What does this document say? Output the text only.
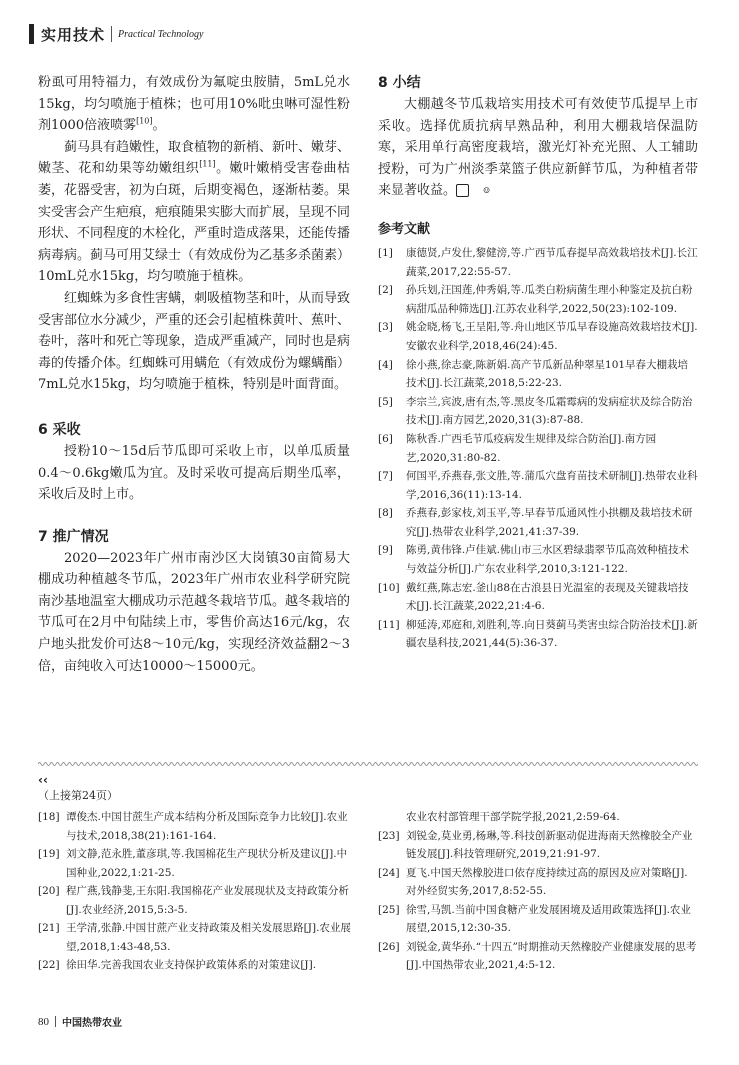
实用技术 Practical Technology

粉虱可用特福力，有效成份为氟啶虫胺腈，5mL兑水15kg，均匀喷施于植株；也可用10%吡虫啉可湿性粉剂1000倍液喷雾[10]。

蓟马具有趋嫩性，取食植物的新梢、新叶、嫩芽、嫩茎、花和幼果等幼嫩组织[11]。嫩叶嫩梢受害卷曲枯萎，花器受害，初为白斑，后期变褐色，逐渐枯萎。果实受害会产生疤痕，疤痕随果实膨大而扩展，呈现不同形状、不同程度的木栓化，严重时造成落果，还能传播病毒病。蓟马可用艾绿士（有效成份为乙基多杀菌素）10mL兑水15kg，均匀喷施于植株。

红蜘蛛为多食性害螨，刺吸植物茎和叶，从而导致受害部位水分减少，严重的还会引起植株黄叶、蕉叶、卷叶，落叶和死亡等现象，造成严重减产，同时也是病毒的传播介体。红蜘蛛可用螨危（有效成份为螺螨酯）7mL兑水15kg，均匀喷施于植株，特别是叶面背面。

6 采收

授粉10～15d后节瓜即可采收上市，以单瓜质量0.4～0.6kg嫩瓜为宜。及时采收可提高后期坐瓜率，采收后及时上市。

7 推广情况

2020—2023年广州市南沙区大岗镇30亩简易大棚成功种植越冬节瓜，2023年广州市农业科学研究院南沙基地温室大棚成功示范越冬栽培节瓜。越冬栽培的节瓜可在2月中旬陆续上市，零售价高达16元/kg，农户地头批发价可达8～10元/kg，实现经济效益翻2～3倍，亩纯收入可达10000～15000元。

8 小结

大棚越冬节瓜栽培实用技术可有效使节瓜提早上市采收。选择优质抗病早熟品种，利用大棚栽培保温防寒，采用单行高密度栽培，激光灯补充光照、人工辅助授粉，可为广州淡季菜篮子供应新鲜节瓜，为种植者带来显著收益。	☺

参考文献
[1]	康德贤,卢发仕,黎健滂,等.广西节瓜春提早高效栽培技术[J].长江蔬菜,2017,22:55-57.
[2]	孙兵划,汪国莲,仲秀娟,等.瓜类白粉病菌生理小种鉴定及抗白粉病甜瓜品种筛选[J].江苏农业科学,2022,50(23):102-109.
[3]	姚金晓,杨飞,王呈阳,等.舟山地区节瓜早春设施高效栽培技术[J].安徽农业科学,2018,46(24):45.
[4]	徐小燕,徐志豪,陈新娟.高产节瓜新品种翠星101早春大棚栽培技术[J].长江蔬菜,2018,5:22-23.
[5]	李宗兰,宾波,唐有杰,等.黑皮冬瓜霜霉病的发病症状及综合防治技术[J].南方园艺,2020,31(3):87-88.
[6]	陈秋香.广西毛节瓜疫病发生规律及综合防治[J].南方园艺,2020,31:80-82.
[7]	何国平,乔燕春,张文胜,等.蒲瓜穴盘育苗技术研制[J].热带农业科学,2016,36(11):13-14.
[8]	乔燕春,彭家枝,刘玉平,等.早春节瓜通风性小拱棚及栽培技术研究[J].热带农业科学,2021,41:37-39.
[9]	陈勇,黄伟锋.卢佳斌.佛山市三水区碧绿翡翠节瓜高效种植技术与效益分析[J].广东农业科学,2010,3:121-122.
[10] 戴红燕,陈志宏.釜山88在古浪县日光温室的表现及关键栽培技术[J].长江蔬菜,2022,21:4-6.
[11] 柳延涛,邓庭和,刘胜利,等.向日葵蓟马类害虫综合防治技术[J].新疆农垦科技,2021,44(5):36-37.
‹‹
（上接第24页）
[18] 谭俊杰.中国甘蔗生产成本结构分析及国际竞争力比较[J].农业与技术,2018,38(21):161-164.
[19] 刘文静,范永胜,董彦琪,等.我国棉花生产现状分析及建议[J].中国种业,2022,1:21-25.
[20] 程广燕,钱静斐,王东阳.我国棉花产业发展现状及支持政策分析[J].农业经济,2015,5:3-5.
[21] 王学清,张静.中国甘蔗产业支持政策及相关发展思路[J].农业展望,2018,1:43-48,53.
[22] 徐田华.完善我国农业支持保护政策体系的对策建议[J].
农业农村部管理干部学院学报,2021,2:59-64.
[23] 刘锐金,莫业勇,杨琳,等.科技创新驱动促进海南天然橡胶全产业链发展[J].科技管理研究,2019,21:91-97.
[24] 夏飞.中国天然橡胶进口依存度持续过高的原因及应对策略[J].对外经贸实务,2017,8:52-55.
[25] 徐雪,马凯.当前中国食糖产业发展困境及适用政策选择[J].农业展望,2015,12:30-35.
[26] 刘锐金,黄华孙.“十四五”时期推动天然橡胶产业健康发展的思考[J].中国热带农业,2021,4:5-12.
80 中国热带农业
